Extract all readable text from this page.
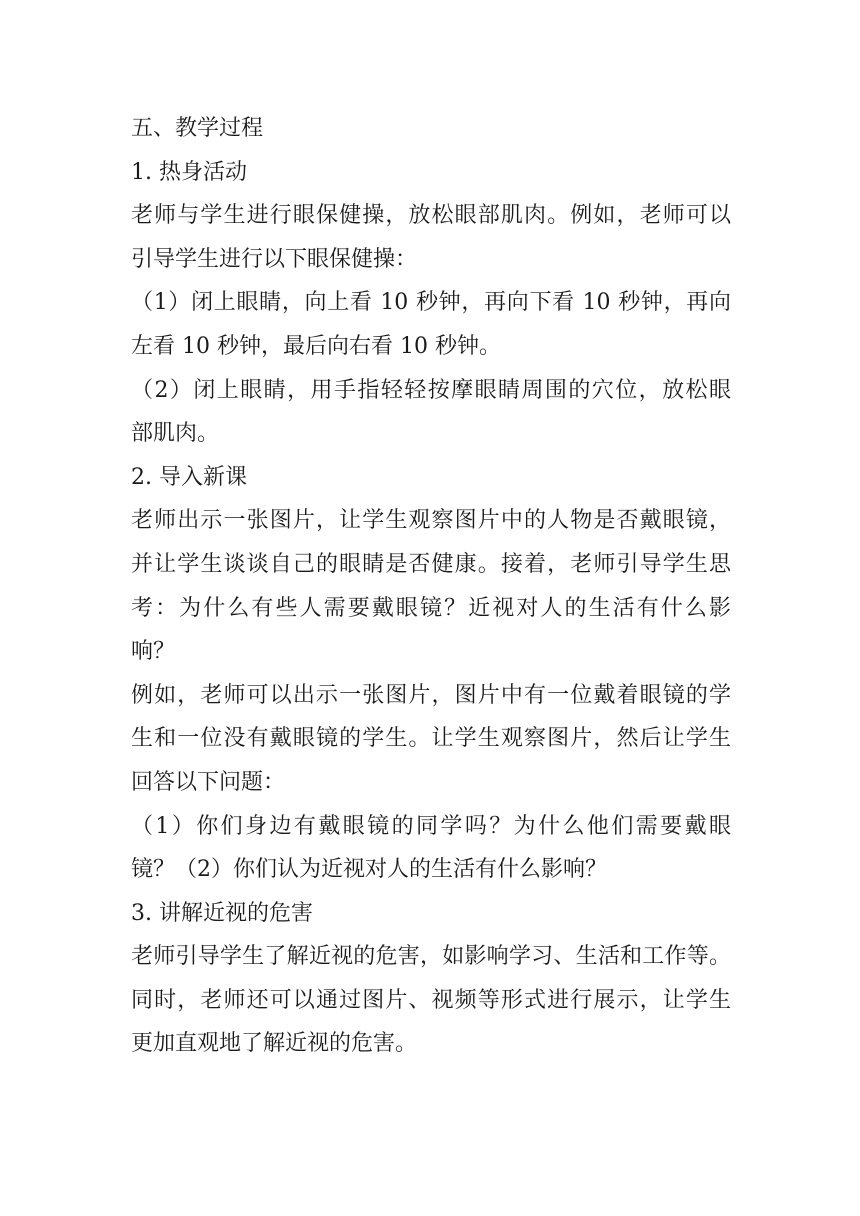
五、教学过程
1. 热身活动
老师与学生进行眼保健操，放松眼部肌肉。例如，老师可以
引导学生进行以下眼保健操：
（1）闭上眼睛，向上看 10 秒钟，再向下看 10 秒钟，再向
左看 10 秒钟，最后向右看 10 秒钟。
（2）闭上眼睛，用手指轻轻按摩眼睛周围的穴位，放松眼
部肌肉。
2. 导入新课
老师出示一张图片，让学生观察图片中的人物是否戴眼镜，
并让学生谈谈自己的眼睛是否健康。接着，老师引导学生思
考：为什么有些人需要戴眼镜？近视对人的生活有什么影
响？
例如，老师可以出示一张图片，图片中有一位戴着眼镜的学
生和一位没有戴眼镜的学生。让学生观察图片，然后让学生
回答以下问题：
（1）你们身边有戴眼镜的同学吗？为什么他们需要戴眼
镜？（2）你们认为近视对人的生活有什么影响？
3. 讲解近视的危害
老师引导学生了解近视的危害，如影响学习、生活和工作等。
同时，老师还可以通过图片、视频等形式进行展示，让学生
更加直观地了解近视的危害。
